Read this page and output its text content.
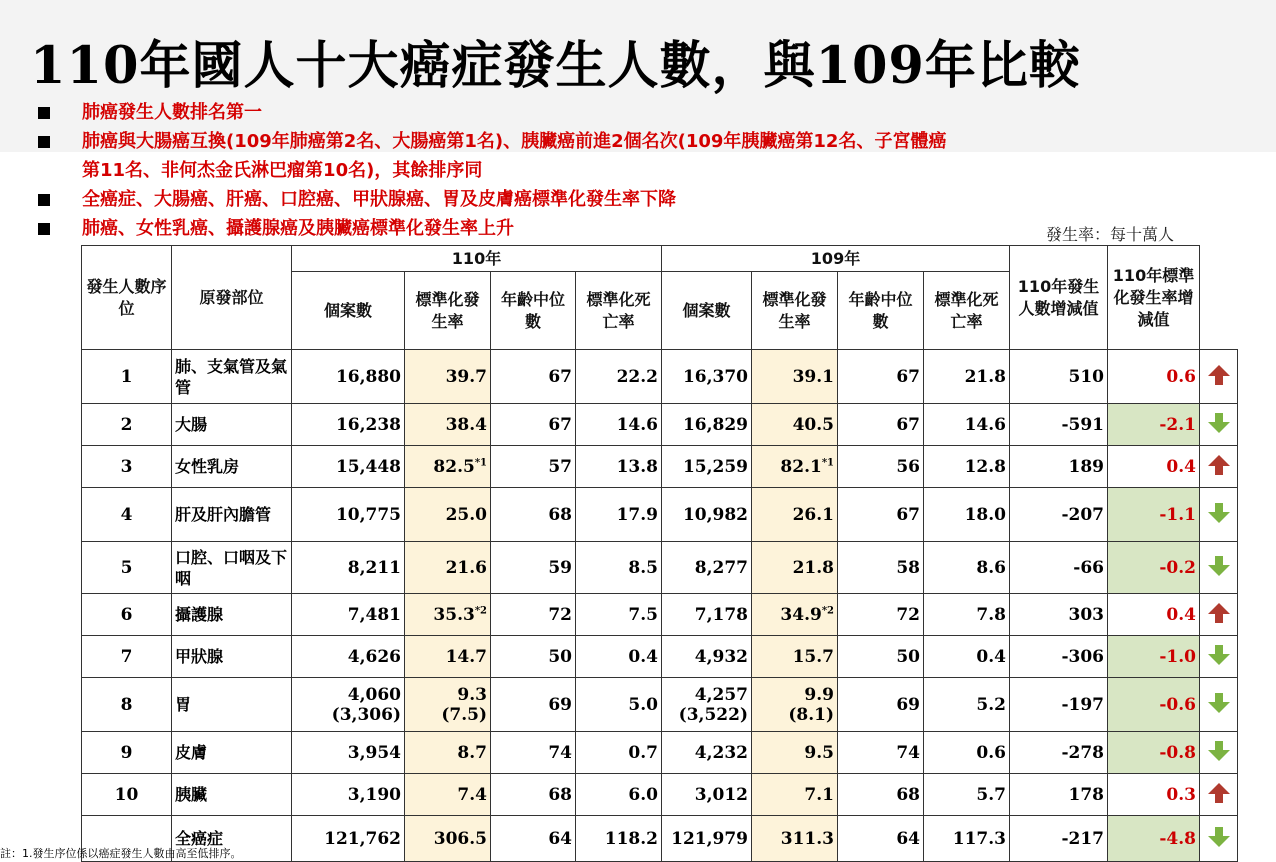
110年國人十大癌症發生人數，與109年比較
肺癌發生人數排名第一
肺癌與大腸癌互換(109年肺癌第2名、大腸癌第1名)、胰臟癌前進2個名次(109年胰臟癌第12名、子宮體癌
第11名、非何杰金氏淋巴瘤第10名)，其餘排序同
全癌症、大腸癌、肝癌、口腔癌、甲狀腺癌、胃及皮膚癌標準化發生率下降
肺癌、女性乳癌、攝護腺癌及胰臟癌標準化發生率上升	發生率：每十萬人
發生人數序位	原發部位	110年				109年				110年發生人數增減值	110年標準化發生率增減值	
		個案數	標準化發生率	年齡中位數	標準化死亡率	個案數	標準化發生率	年齡中位數	標準化死亡率			
1	肺、支氣管及氣管	16,880	39.7	67	22.2	16,370	39.1	67	21.8	510	0.6	
2	大腸	16,238	38.4	67	14.6	16,829	40.5	67	14.6	-591	-2.1	
3	女性乳房	15,448	82.5$^{*1}$	57	13.8	15,259	82.1$^{*1}$	56	12.8	189	0.4	
4	肝及肝內膽管	10,775	25.0	68	17.9	10,982	26.1	67	18.0	-207	-1.1	
5	口腔、口咽及下咽	8,211	21.6	59	8.5	8,277	21.8	58	8.6	-66	-0.2	
6	攝護腺	7,481	35.3$^{*2}$	72	7.5	7,178	34.9$^{*2}$	72	7.8	303	0.4	
7	甲狀腺	4,626	14.7	50	0.4	4,932	15.7	50	0.4	-306	-1.0	
8	胃	4,060
(3,306)	9.3
(7.5)	69	5.0	4,257
(3,522)	9.9
(8.1)	69	5.2	-197	-0.6	
9	皮膚	3,954	8.7	74	0.7	4,232	9.5	74	0.6	-278	-0.8	
10	胰臟	3,190	7.4	68	6.0	3,012	7.1	68	5.7	178	0.3	
	全癌症	121,762	306.5	64	118.2	121,979	311.3	64	117.3	-217	-4.8	
註：1.發生序位係以癌症發生人數由高至低排序。
